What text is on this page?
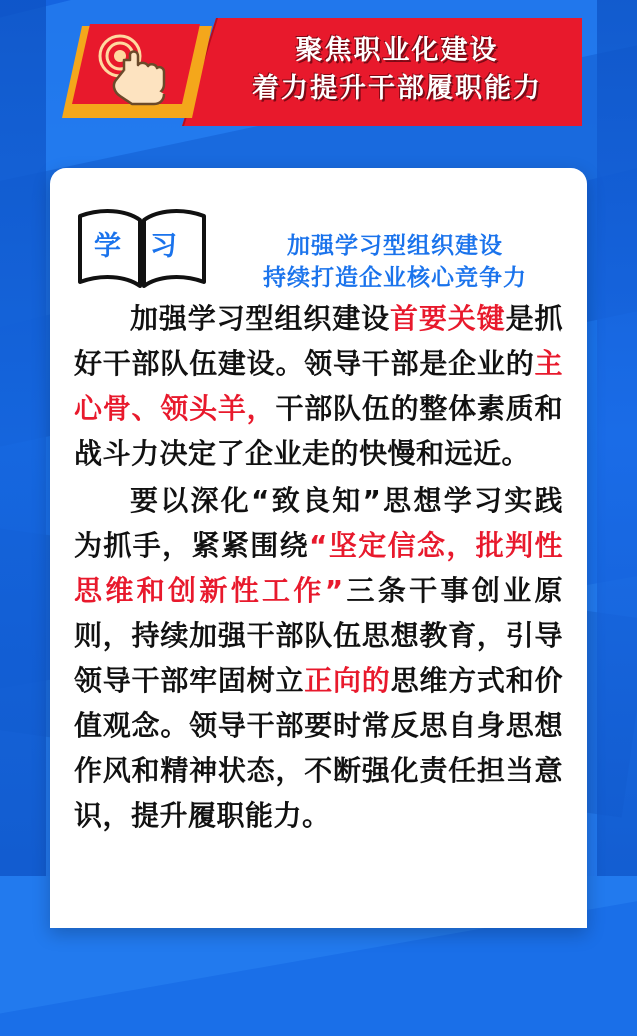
聚焦职业化建设
着力提升干部履职能力
学 习	加强学习型组织建设
持续打造企业核心竞争力

加强学习型组织建设首要关键是抓好干部队伍建设。领导干部是企业的主心骨、领头羊，干部队伍的整体素质和战斗力决定了企业走的快慢和远近。

要以深化“致良知”思想学习实践为抓手，紧紧围绕“坚定信念，批判性思维和创新性工作”三条干事创业原则，持续加强干部队伍思想教育，引导领导干部牢固树立正向的思维方式和价值观念。领导干部要时常反思自身思想作风和精神状态，不断强化责任担当意识，提升履职能力。
